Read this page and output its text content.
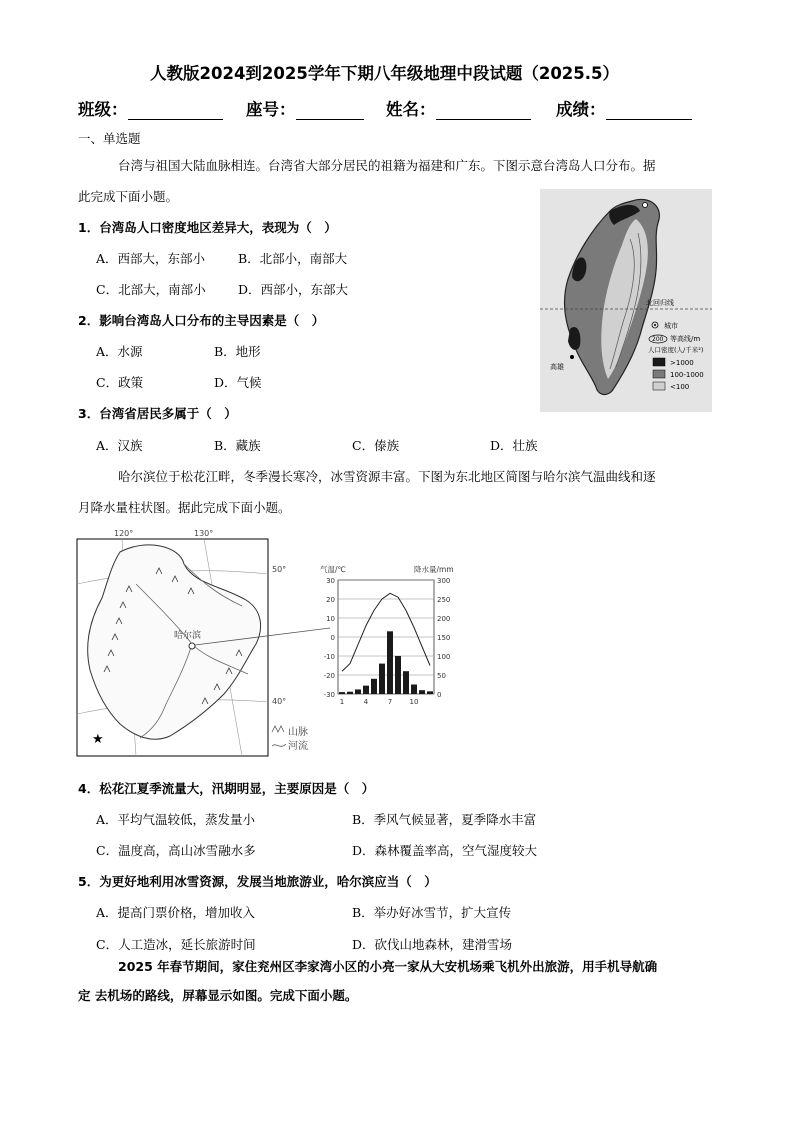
人教版2024到2025学年下期八年级地理中段试题（2025.5）
班级：	座号：	姓名：	成绩：
一、单选题
台湾与祖国大陆血脉相连。台湾省大部分居民的祖籍为福建和广东。下图示意台湾岛人口分布。据
此完成下面小题。
北回归线
高雄
城市
200 等高线/m
人口密度(人/千米²)
>1000
100-1000
<100
1．台湾岛人口密度地区差异大，表现为（　）
A．西部大，东部小	B．北部小，南部大
C．北部大，南部小	D．西部小，东部大
2．影响台湾岛人口分布的主导因素是（　）
A．水源	B．地形
C．政策	D．气候
3．台湾省居民多属于（　）
A．汉族	B．藏族	C．傣族	D．壮族
哈尔滨位于松花江畔，冬季漫长寒冷，冰雪资源丰富。下图为东北地区简图与哈尔滨气温曲线和逐
月降水量柱状图。据此完成下面小题。
120°	130°
50°
40°
哈尔滨
★	山脉
河流
气温/℃	降水量/mm
30	300
20	250
10	200
0	150
-10	100
-20	50
-30	0
1	4	7 10
4．松花江夏季流量大，汛期明显，主要原因是（　）
A．平均气温较低，蒸发量小	B．季风气候显著，夏季降水丰富
C．温度高，高山冰雪融水多	D．森林覆盖率高，空气湿度较大
5．为更好地利用冰雪资源，发展当地旅游业，哈尔滨应当（　）
A．提高门票价格，增加收入	B．举办好冰雪节，扩大宣传
C．人工造冰，延长旅游时间	D．砍伐山地森林，建滑雪场
2025 年春节期间，家住兖州区李家湾小区的小亮一家从大安机场乘飞机外出旅游，用手机导航确
定 去机场的路线，屏幕显示如图。完成下面小题。
